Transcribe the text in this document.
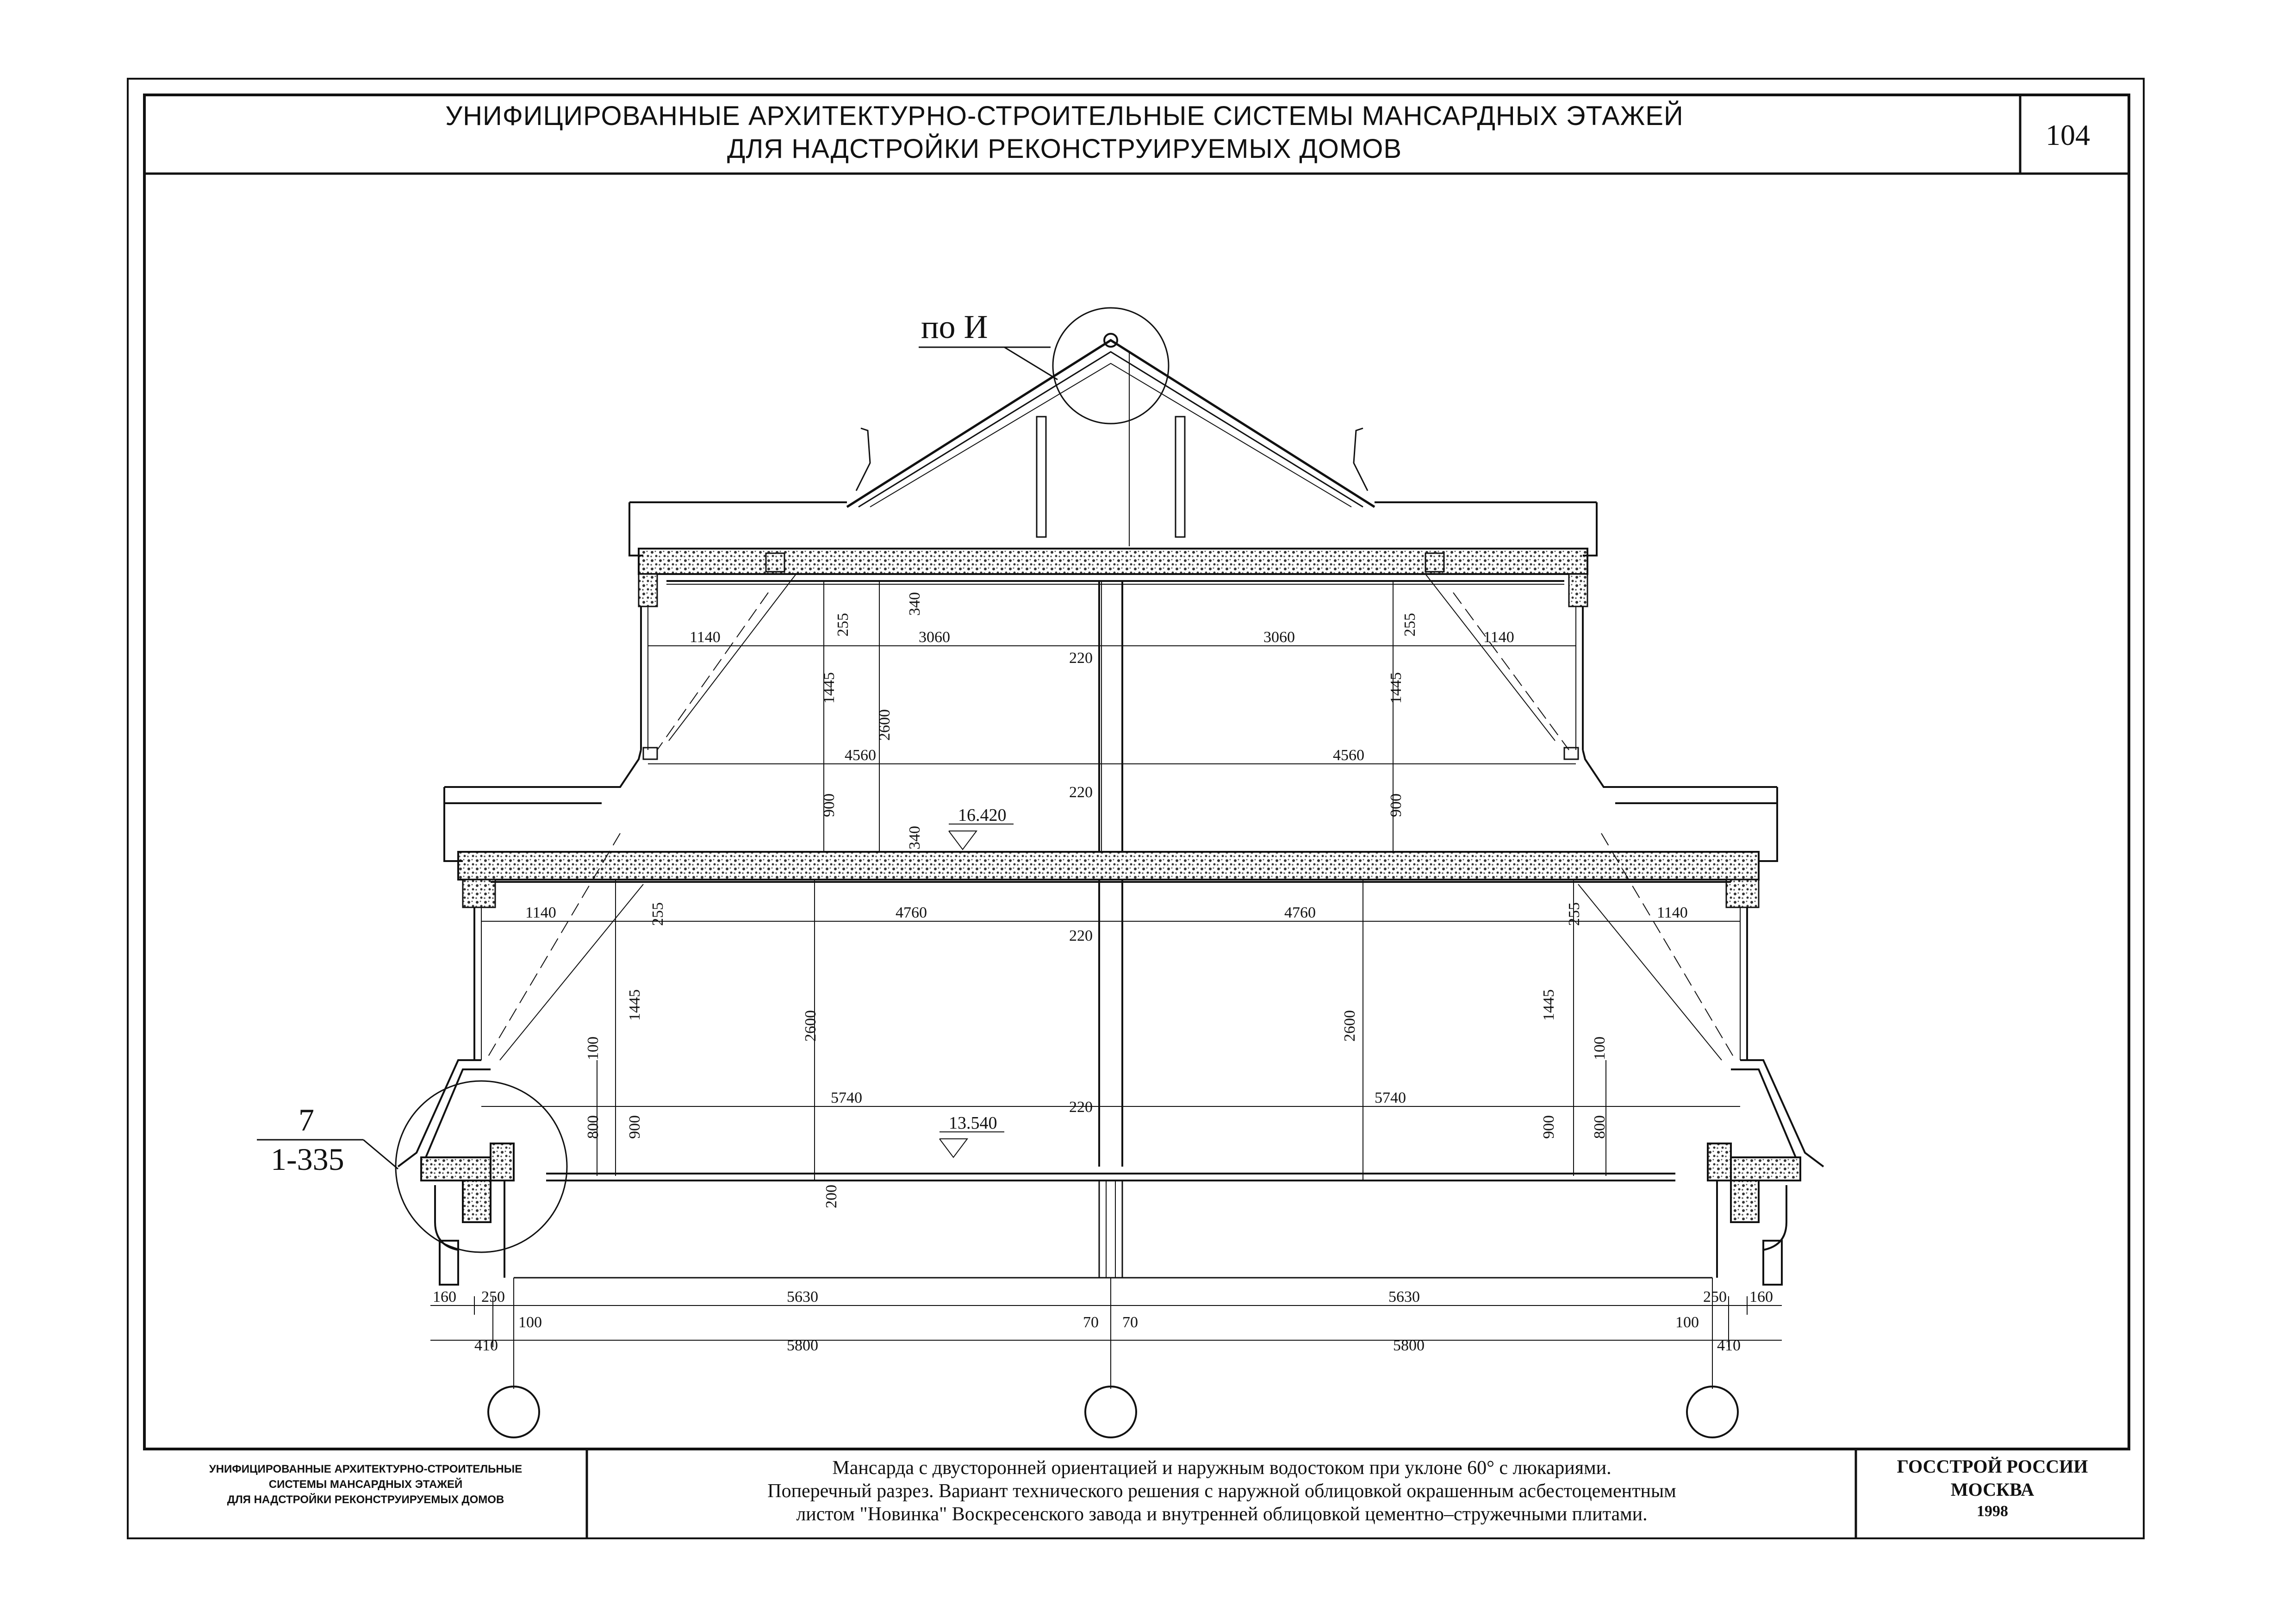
УНИФИЦИРОВАННЫЕ АРХИТЕКТУРНО-СТРОИТЕЛЬНЫЕ СИСТЕМЫ МАНСАРДНЫХ ЭТАЖЕЙ
ДЛЯ НАДСТРОЙКИ РЕКОНСТРУИРУЕМЫХ ДОМОВ	104
по И
7
1-335
16.420
13.540
1140	3060	3060	1140
220
220
4560	4560
255	255
340
340
1445	1445
2600
900	900
1140	4760	4760	1140
220
220
255	255
1445	1445
2600	2600
100	100
5740	5740
800	800
900	900
200
160 250	5630	5630	250 160
100	70 70	100
410	5800	5800	410
УНИФИЦИРОВАННЫЕ АРХИТЕКТУРНО-СТРОИТЕЛЬНЫЕ
СИСТЕМЫ МАНСАРДНЫХ ЭТАЖЕЙ
ДЛЯ НАДСТРОЙКИ РЕКОНСТРУИРУЕМЫХ ДОМОВ
Мансарда с двусторонней ориентацией и наружным водостоком при уклоне 60° с люкариями.
Поперечный разрез. Вариант технического решения с наружной облицовкой окрашенным асбестоцементным
листом "Новинка" Воскресенского завода и внутренней облицовкой цементно–стружечными плитами.
ГОССТРОЙ РОССИИ
МОСКВА
1998
